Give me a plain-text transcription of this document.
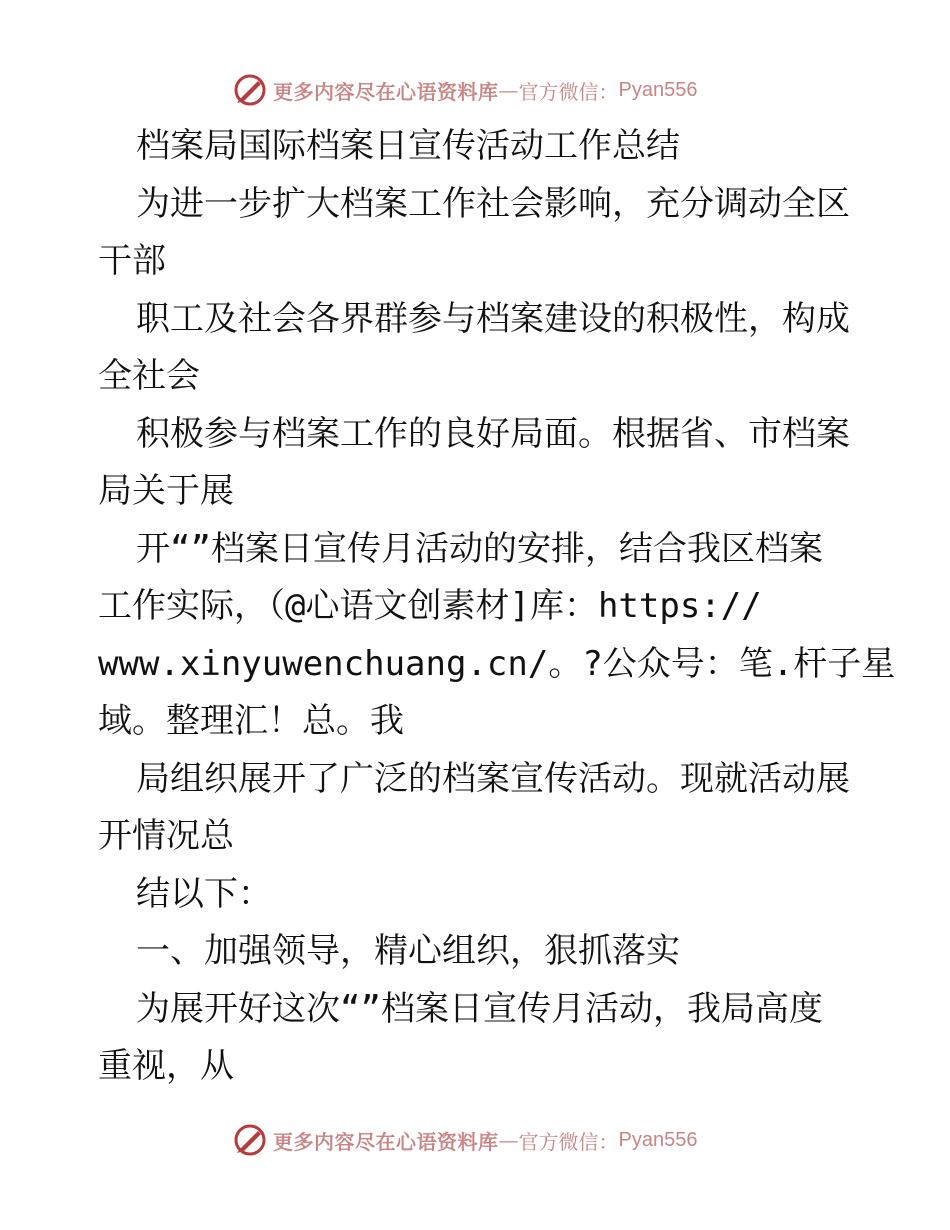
更多内容尽在心语资料库 — 官方微信： Pyan556
档案局国际档案日宣传活动工作总结
为进一步扩大档案工作社会影响，充分调动全区
干部
职工及社会各界群参与档案建设的积极性，构成
全社会
积极参与档案工作的良好局面。根据省、市档案
局关于展
开“”档案日宣传月活动的安排，结合我区档案
工作实际，（@心语文创素材]库：https://
www.xinyuwenchuang.cn/。?公众号：笔.杆子星
域。整理汇！总。我
局组织展开了广泛的档案宣传活动。现就活动展
开情况总
结以下：
一、加强领导，精心组织，狠抓落实
为展开好这次“”档案日宣传月活动，我局高度
重视，从
更多内容尽在心语资料库 — 官方微信： Pyan556
